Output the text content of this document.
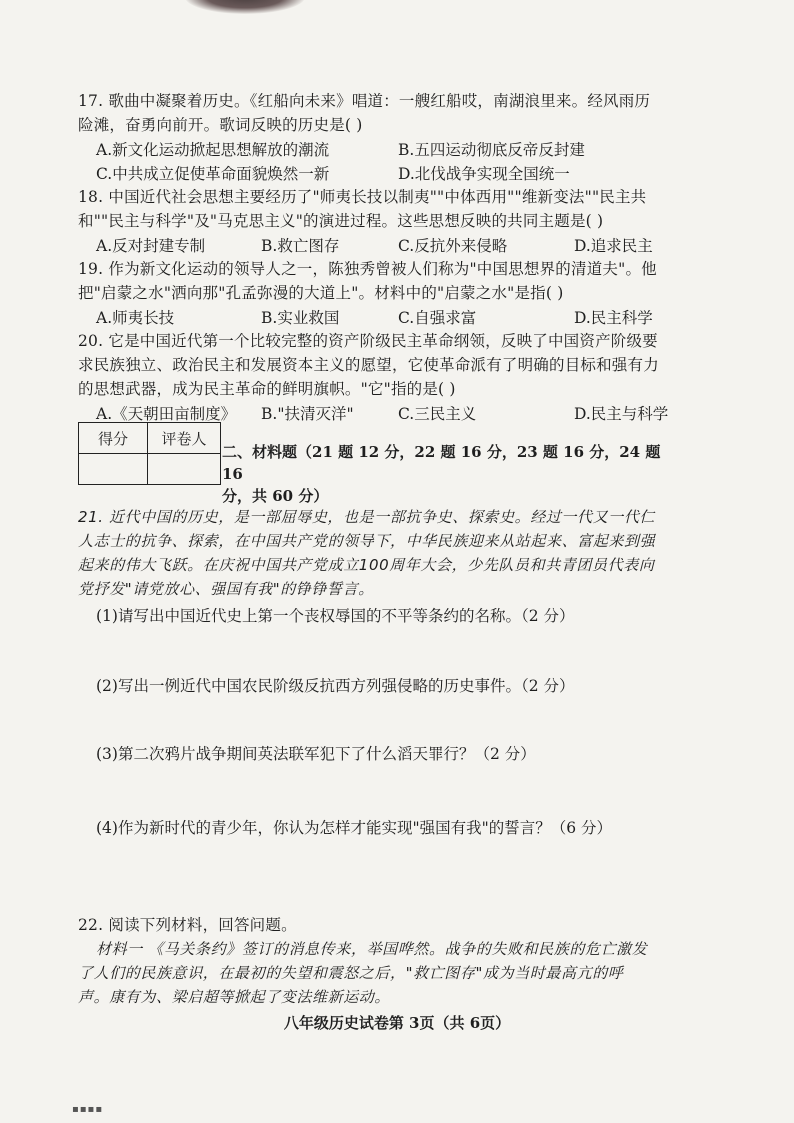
17. 歌曲中凝聚着历史。《红船向未来》唱道：一艘红船哎，南湖浪里来。经风雨历
险滩，奋勇向前开。歌词反映的历史是( )
A.新文化运动掀起思想解放的潮流	B.五四运动彻底反帝反封建
C.中共成立促使革命面貌焕然一新	D.北伐战争实现全国统一
18. 中国近代社会思想主要经历了"师夷长技以制夷""中体西用""维新变法""民主共
和""民主与科学"及"马克思主义"的演进过程。这些思想反映的共同主题是( )
A.反对封建专制	B.救亡图存	C.反抗外来侵略	D.追求民主
19. 作为新文化运动的领导人之一，陈独秀曾被人们称为"中国思想界的清道夫"。他
把"启蒙之水"洒向那"孔孟弥漫的大道上"。材料中的"启蒙之水"是指( )
A.师夷长技	B.实业救国	C.自强求富	D.民主科学
20. 它是中国近代第一个比较完整的资产阶级民主革命纲领，反映了中国资产阶级要
求民族独立、政治民主和发展资本主义的愿望，它使革命派有了明确的目标和强有力
的思想武器，成为民主革命的鲜明旗帜。"它"指的是( )
A.《天朝田亩制度》 B."扶清灭洋"	C.三民主义	D.民主与科学
得分	评卷人

二、材料题（21 题 12 分，22 题 16 分，23 题 16 分，24 题 16
分，共 60 分）
21. 近代中国的历史，是一部屈辱史，也是一部抗争史、探索史。经过一代又一代仁
人志士的抗争、探索，在中国共产党的领导下，中华民族迎来从站起来、富起来到强
起来的伟大飞跃。在庆祝中国共产党成立100周年大会，少先队员和共青团员代表向
党抒发"请党放心、强国有我"的铮铮誓言。
(1)请写出中国近代史上第一个丧权辱国的不平等条约的名称。（2 分）
(2)写出一例近代中国农民阶级反抗西方列强侵略的历史事件。（2 分）
(3)第二次鸦片战争期间英法联军犯下了什么滔天罪行？（2 分）
(4)作为新时代的青少年，你认为怎样才能实现"强国有我"的誓言？（6 分）
22. 阅读下列材料，回答问题。
材料一 《马关条约》签订的消息传来，举国哗然。战争的失败和民族的危亡激发
了人们的民族意识，在最初的失望和震怒之后，"救亡图存"成为当时最高亢的呼
声。康有为、梁启超等掀起了变法维新运动。
八年级历史试卷第 3页（共 6页）
▪▪▪▪
